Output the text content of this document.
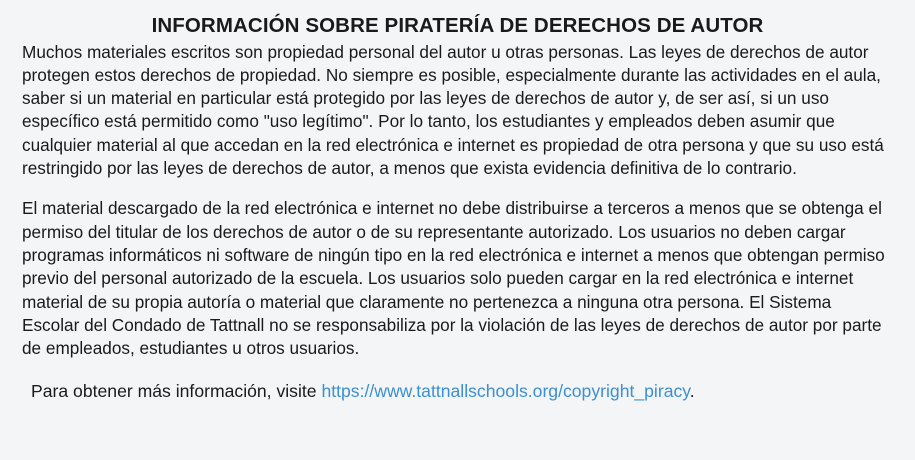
INFORMACIÓN SOBRE PIRATERÍA DE DERECHOS DE AUTOR

Muchos materiales escritos son propiedad personal del autor u otras personas. Las leyes de derechos de autor protegen estos derechos de propiedad. No siempre es posible, especialmente durante las actividades en el aula, saber si un material en particular está protegido por las leyes de derechos de autor y, de ser así, si un uso específico está permitido como "uso legítimo". Por lo tanto, los estudiantes y empleados deben asumir que cualquier material al que accedan en la red electrónica e internet es propiedad de otra persona y que su uso está restringido por las leyes de derechos de autor, a menos que exista evidencia definitiva de lo contrario.

El material descargado de la red electrónica e internet no debe distribuirse a terceros a menos que se obtenga el permiso del titular de los derechos de autor o de su representante autorizado. Los usuarios no deben cargar programas informáticos ni software de ningún tipo en la red electrónica e internet a menos que obtengan permiso previo del personal autorizado de la escuela. Los usuarios solo pueden cargar en la red electrónica e internet material de su propia autoría o material que claramente no pertenezca a ninguna otra persona. El Sistema Escolar del Condado de Tattnall no se responsabiliza por la violación de las leyes de derechos de autor por parte de empleados, estudiantes u otros usuarios.

Para obtener más información, visite https://www.tattnallschools.org/copyright_piracy.
